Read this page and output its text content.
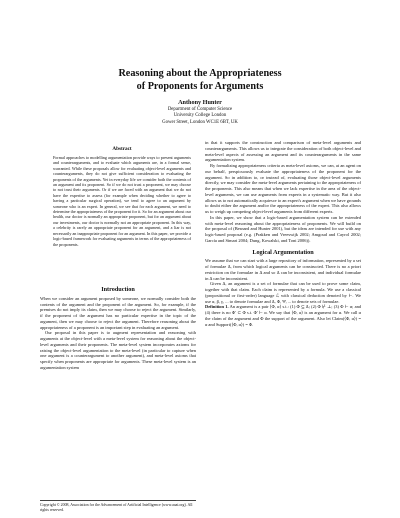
Reasoning about the Appropriateness
of Proponents for Arguments
Anthony Hunter
Department of Computer Science
University College London
Gower Street, London WC1E 6BT, UK
Abstract
Formal approaches to modelling argumentation provide ways to present arguments and counterarguments, and to evaluate which arguments are, in a formal sense, warranted. While these proposals allow for evaluating object-level arguments and counterarguments, they do not give sufficient consideration to evaluating the proponents of the arguments. Yet in everyday life we consider both the contents of an argument and its proponent. So if we do not trust a proponent, we may choose to not trust their arguments. Or if we are faced with an argument that we do not have the expertise to assess (for example when deciding whether to agree to having a particular surgical operation), we tend to agree to an argument by someone who is an expert. In general, we see that for each argument, we need to determine the appropriateness of the proponent for it. So for an argument about our health, our doctor is normally an appropriate proponent, but for an argument about our investments, our doctor is normally not an appropriate proponent. In this way, a celebrity is rarely an appropriate proponent for an argument, and a liar is not necessarily an inappropriate proponent for an argument. In this paper, we provide a logic-based framework for evaluating arguments in terms of the appropriateness of the proponents.
Introduction

When we consider an argument proposed by someone, we normally consider both the contents of the argument and the proponent of the argument. So, for example, if the premises do not imply its claim, then we may choose to reject the argument. Similarly, if the proponent of the argument has no particular expertise in the topic of the argument, then we may choose to reject the argument. Therefore reasoning about the appropriateness of a proponent is an important step in evaluating an argument.

Our proposal in this paper is to augment representation and reasoning with arguments at the object-level with a meta-level system for reasoning about the object-level arguments and their proponents. The meta-level system incorporates axioms for raising the object-level argumentation to the meta-level (in particular to capture when one argument is a counterargument to another argument), and meta-level axioms that specify when proponents are appropriate for arguments. These meta-level system is an argumentation system

Copyright © 2008, Association for the Advancement of Artificial Intelligence (www.aaai.org). All rights reserved.

in that it supports the construction and comparison of meta-level arguments and counterarguments. This allows us to integrate the consideration of both object-level and meta-level aspects of assessing an argument and its counterarguments in the same argumentation system.

By formalizing appropriateness criteria as meta-level axioms, we can, at an agent on our behalf, perspicuously evaluate the appropriateness of the proponent for the argument. So in addition to, or instead of, evaluating those object-level arguments directly, we may consider the meta-level arguments pertaining to the appropriateness of the proponents. This also means that when we lack expertise in the area of the object-level arguments, we can use arguments from experts in a systematic way. But it also allows us to not automatically acquiesce to an expert's argument when we have grounds to doubt either the argument and/or the appropriateness of the expert. This also allows us to weigh up competing object-level arguments from different experts.

In this paper, we show that a logic-based argumentation system can be extended with meta-level reasoning about the appropriateness of proponents. We will build on the proposal of (Besnard and Hunter 2001), but the ideas are intended for use with any logic-based proposal (e.g. (Prakken and Vreeswijk 2002; Amgoud and Cayrol 2002; García and Simari 2004; Dung, Kowalski, and Toni 2006)).

Logical Argumentation

We assume that we can start with a large repository of information, represented by a set of formulae Δ, from which logical arguments can be constructed. There is no a priori restriction on the formulae in Δ and so Δ can be inconsistent, and individual formulae in Δ can be inconsistent.

Given Δ, an argument is a set of formulae that can be used to prove some claim, together with that claim. Each claim is represented by a formula. We use a classical (propositional or first-order) language ℒ with classical deduction denoted by ⊢. We use α, β, γ, ... to denote formulae and Δ, Φ, Ψ, ... to denote sets of formulae.

Definition 1. An argument is a pair ⟨Φ, α⟩ s.t.: (1) Φ ⊆ Δ; (2) Φ ⊬ ⊥; (3) Φ ⊢ α; and (4) there is no Φ' ⊂ Φ s.t. Φ' ⊢ α. We say that ⟨Φ, α⟩ is an argument for α. We call α the claim of the argument and Φ the support of the argument. Also let Claim(⟨Φ, α⟩) = α and Support(⟨Φ, α⟩) = Φ.
